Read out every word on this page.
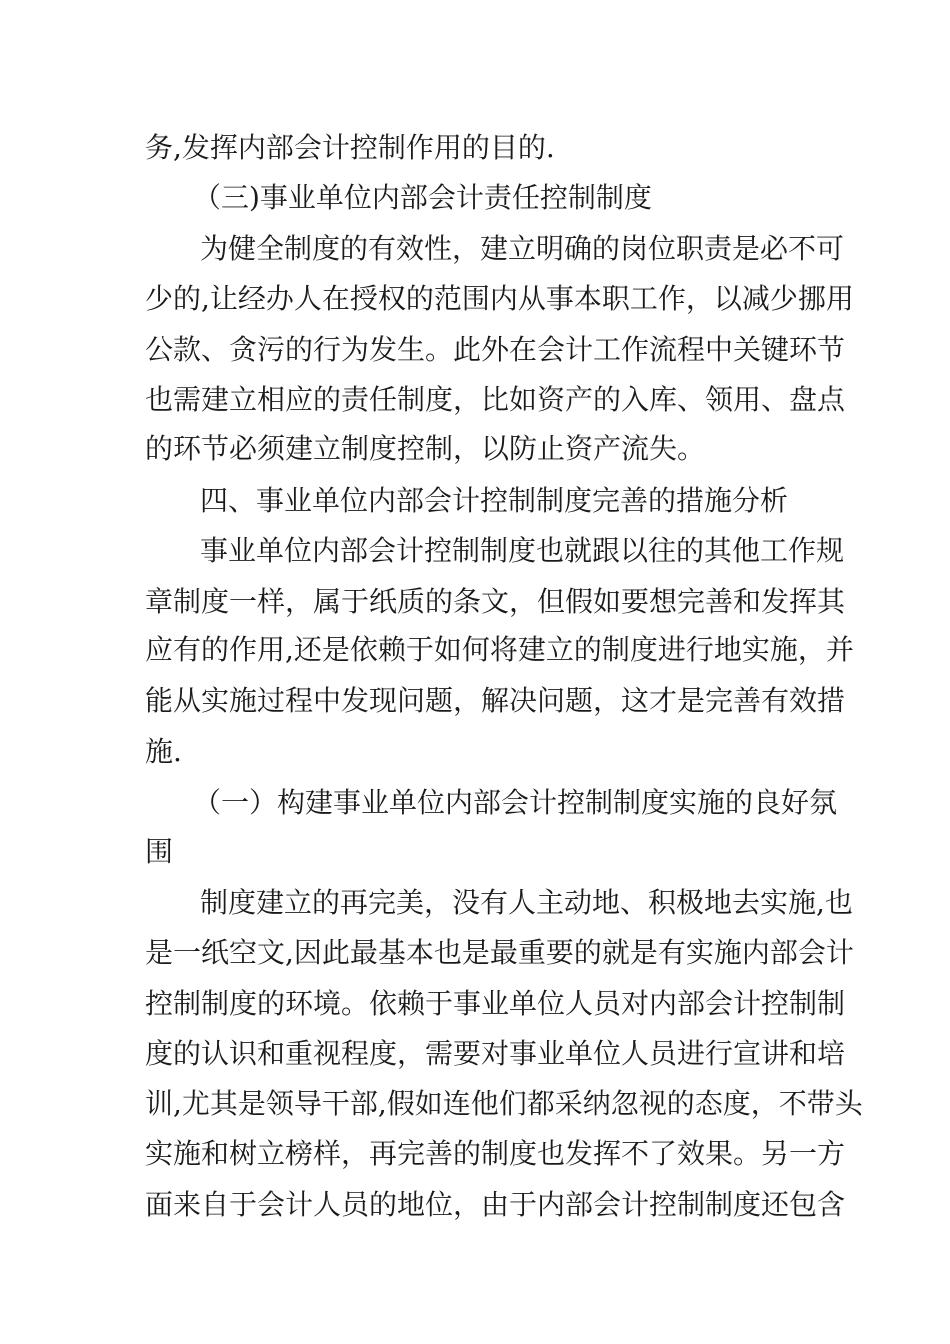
务,发挥内部会计控制作用的目的.
（三)事业单位内部会计责任控制制度
为健全制度的有效性，建立明确的岗位职责是必不可
少的,让经办人在授权的范围内从事本职工作，以减少挪用
公款、贪污的行为发生。此外在会计工作流程中关键环节
也需建立相应的责任制度，比如资产的入库、领用、盘点
的环节必须建立制度控制，以防止资产流失。
四、事业单位内部会计控制制度完善的措施分析
事业单位内部会计控制制度也就跟以往的其他工作规
章制度一样，属于纸质的条文，但假如要想完善和发挥其
应有的作用,还是依赖于如何将建立的制度进行地实施，并
能从实施过程中发现问题，解决问题，这才是完善有效措
施.
（一）构建事业单位内部会计控制制度实施的良好氛
围
制度建立的再完美，没有人主动地、积极地去实施,也
是一纸空文,因此最基本也是最重要的就是有实施内部会计
控制制度的环境。依赖于事业单位人员对内部会计控制制
度的认识和重视程度，需要对事业单位人员进行宣讲和培
训,尤其是领导干部,假如连他们都采纳忽视的态度，不带头
实施和树立榜样，再完善的制度也发挥不了效果。另一方
面来自于会计人员的地位，由于内部会计控制制度还包含
